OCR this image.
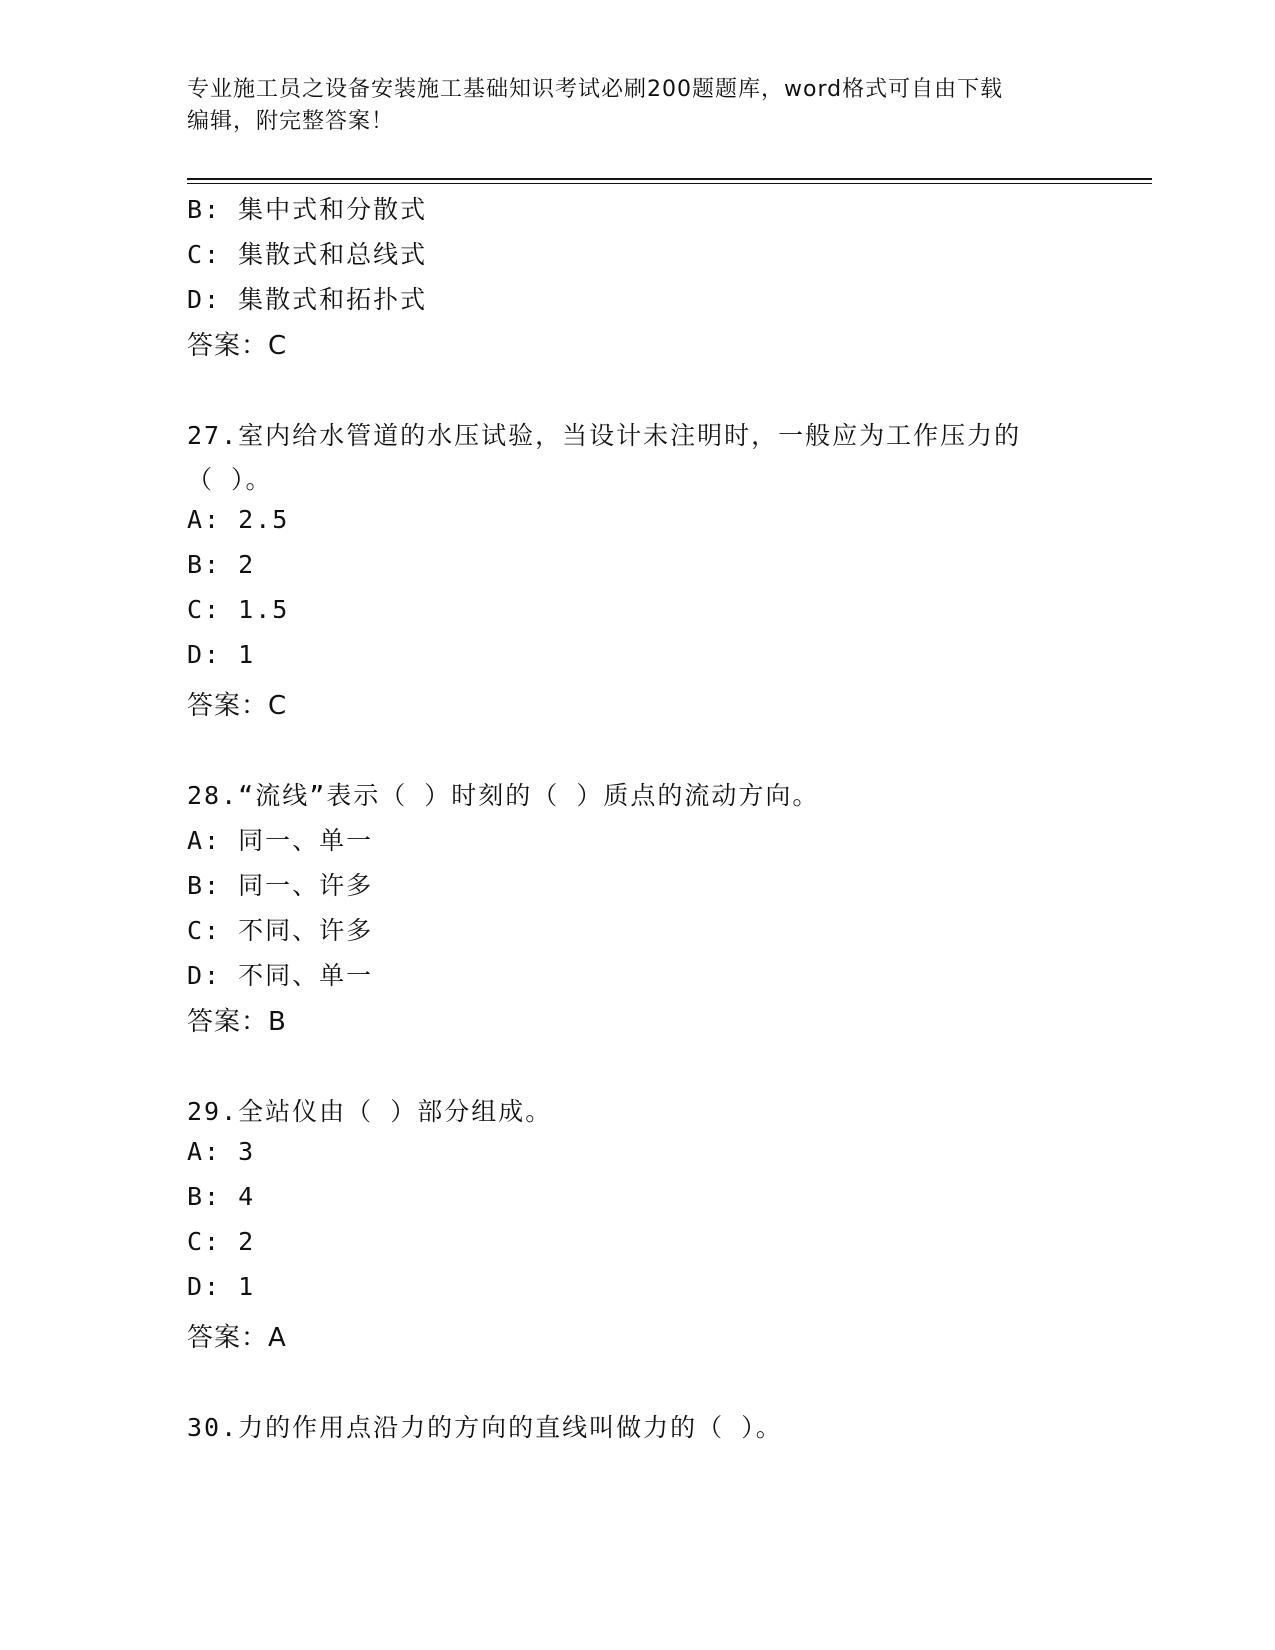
专业施工员之设备安装施工基础知识考试必刷200题题库，word格式可自由下载
编辑，附完整答案！
B: 集中式和分散式
C: 集散式和总线式
D: 集散式和拓扑式
答案：C
27.室内给水管道的水压试验，当设计未注明时，一般应为工作压力的
（ ）。
A: 2.5
B: 2
C: 1.5
D: 1
答案：C
28.“流线”表示（ ）时刻的（ ）质点的流动方向。
A: 同一、单一
B: 同一、许多
C: 不同、许多
D: 不同、单一
答案：B
29.全站仪由（ ）部分组成。
A: 3
B: 4
C: 2
D: 1
答案：A
30.力的作用点沿力的方向的直线叫做力的（ ）。
